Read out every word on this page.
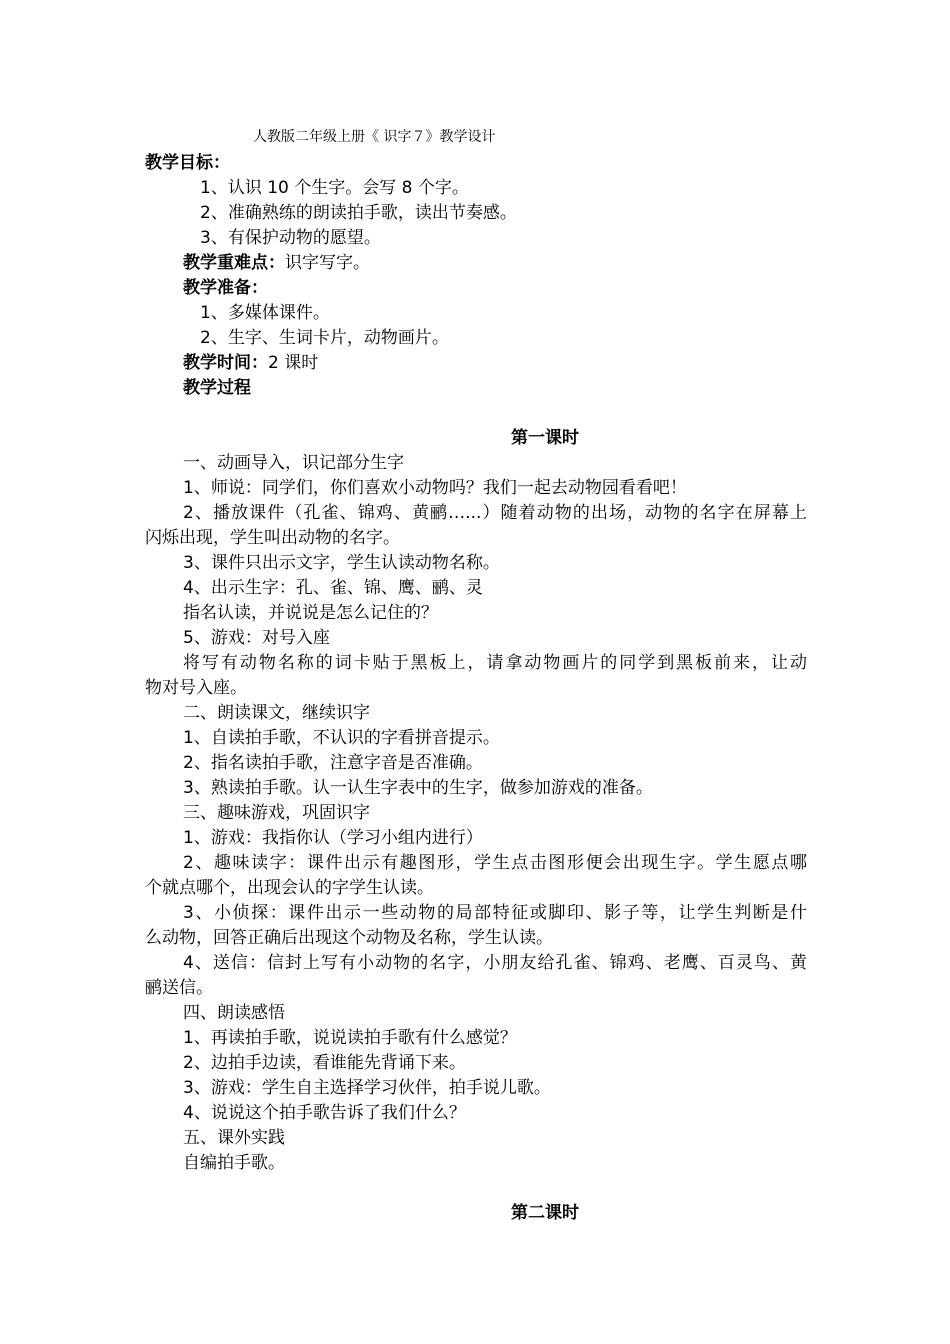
人教版二年级上册《 识字７》教学设计
教学目标：
1、认识 10 个生字。会写 8 个字。
2、准确熟练的朗读拍手歌，读出节奏感。
3、有保护动物的愿望。
教学重难点：识字写字。
教学准备：
1、多媒体课件。
2、生字、生词卡片，动物画片。
教学时间：2 课时
教学过程
第一课时
一、动画导入，识记部分生字
1、师说：同学们，你们喜欢小动物吗？我们一起去动物园看看吧！
2、播放课件（孔雀、锦鸡、黄鹂…...）随着动物的出场，动物的名字在屏幕上
闪烁出现，学生叫出动物的名字。
3、课件只出示文字，学生认读动物名称。
4、出示生字：孔、雀、锦、鹰、鹂、灵
指名认读，并说说是怎么记住的？
5、游戏：对号入座
将写有动物名称的词卡贴于黑板上，请拿动物画片的同学到黑板前来，让动
物对号入座。
二、朗读课文，继续识字
1、自读拍手歌，不认识的字看拼音提示。
2、指名读拍手歌，注意字音是否准确。
3、熟读拍手歌。认一认生字表中的生字，做参加游戏的准备。
三、趣味游戏，巩固识字
1、游戏：我指你认（学习小组内进行）
2、趣味读字：课件出示有趣图形，学生点击图形便会出现生字。学生愿点哪
个就点哪个，出现会认的字学生认读。
3、小侦探：课件出示一些动物的局部特征或脚印、影子等，让学生判断是什
么动物，回答正确后出现这个动物及名称，学生认读。
4、送信：信封上写有小动物的名字，小朋友给孔雀、锦鸡、老鹰、百灵鸟、黄
鹂送信。
四、朗读感悟
1、再读拍手歌，说说读拍手歌有什么感觉？
2、边拍手边读，看谁能先背诵下来。
3、游戏：学生自主选择学习伙伴，拍手说儿歌。
4、说说这个拍手歌告诉了我们什么？
五、课外实践
自编拍手歌。
第二课时
